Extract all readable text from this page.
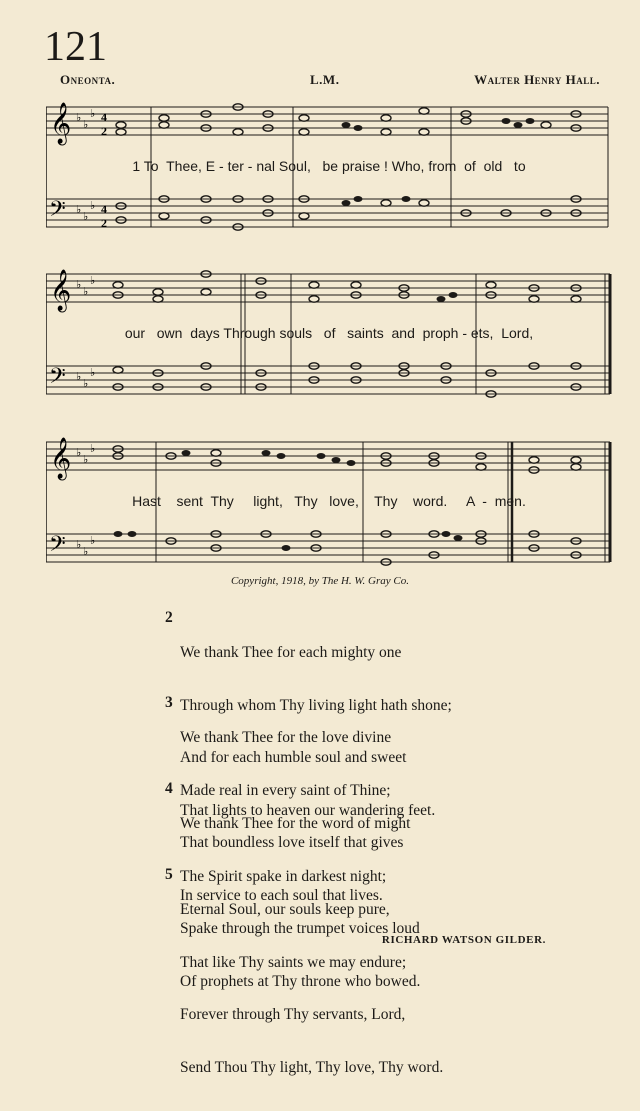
121
Oneonta.	L.M.	Walter Henry Hall.
𝄞
𝄢
♭
♭
♭
♭
♭
♭
4
2
4
2
1 To  Thee, E - ter - nal Soul,   be praise ! Who, from  of  old   to
𝄞
𝄢
♭
♭
♭
♭
♭
♭
our   own  days Through souls   of   saints  and  proph - ets,  Lord,
𝄞
𝄢
♭
♭
♭
♭
♭
♭
Hast    sent  Thy     light,   Thy   love,    Thy    word.     A  -  men.
Copyright, 1918, by The H. W. Gray Co.
2

We thank Thee for each mighty one

Through whom Thy living light hath shone;

And for each humble soul and sweet

That lights to heaven our wandering feet.

3

We thank Thee for the love divine

Made real in every saint of Thine;

That boundless love itself that gives

In service to each soul that lives.

4

We thank Thee for the word of might

The Spirit spake in darkest night;

Spake through the trumpet voices loud

Of prophets at Thy throne who bowed.

5

Eternal Soul, our souls keep pure,

That like Thy saints we may endure;

Forever through Thy servants, Lord,

Send Thou Thy light, Thy love, Thy word.

RICHARD WATSON GILDER.
